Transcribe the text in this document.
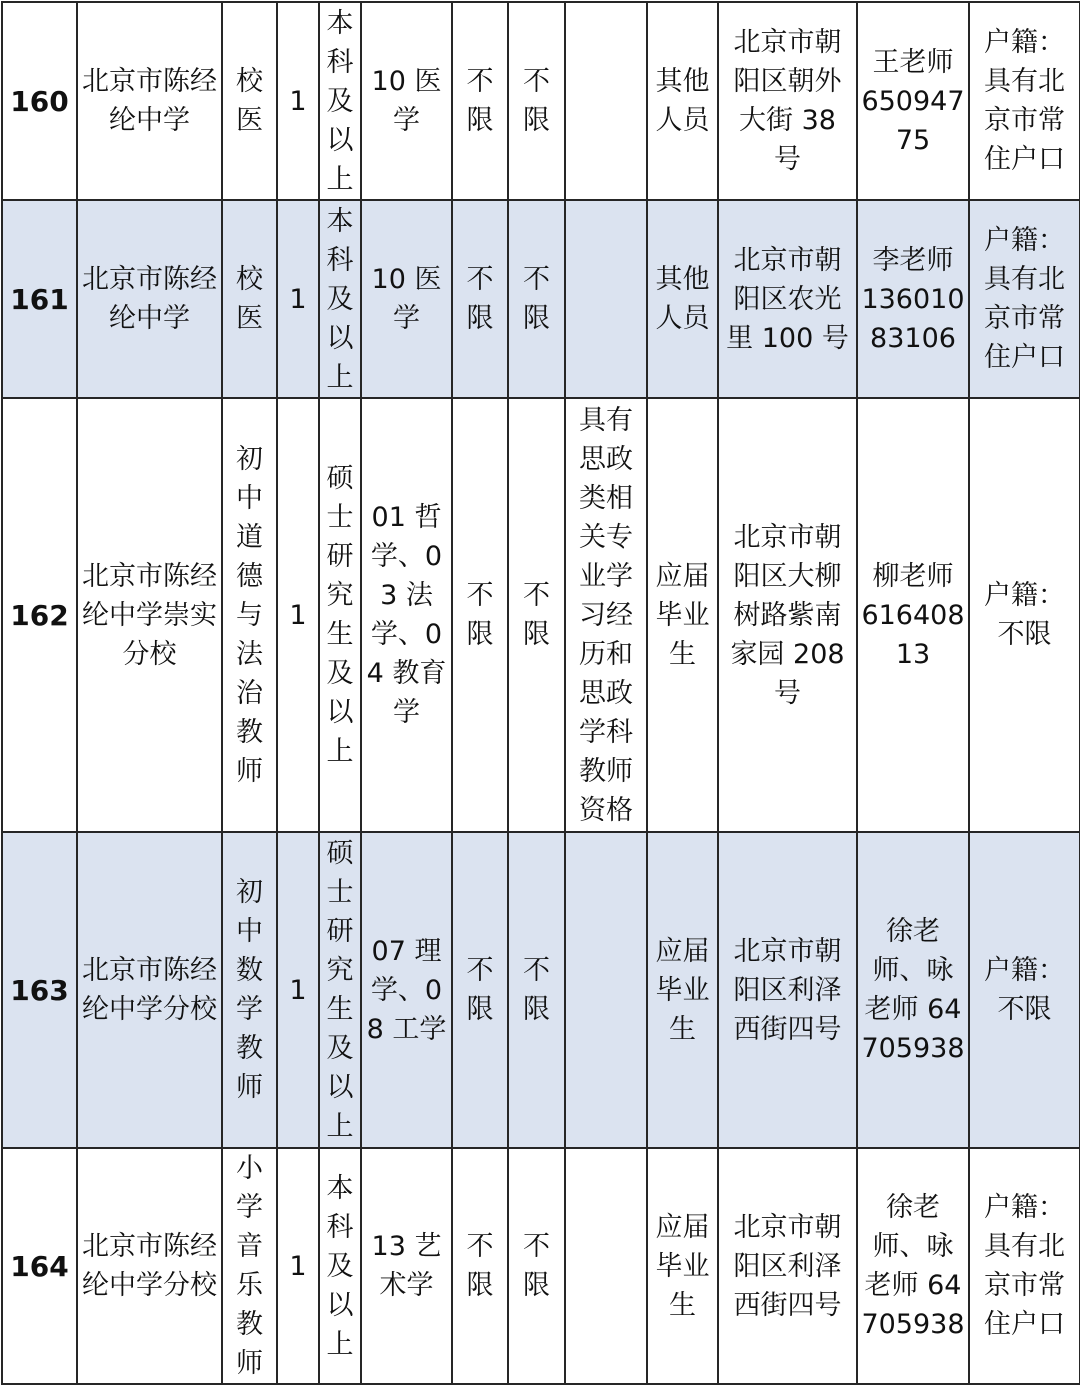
160	北京市陈经纶中学	校医	1	本科及以上	10 医学	不限	不限		其他人员	北京市朝阳区朝外大街 38 号	王老师 65094775	户籍：具有北京市常住户口
161	北京市陈经纶中学	校医	1	本科及以上	10 医学	不限	不限		其他人员	北京市朝阳区农光里 100 号	李老师 13601083106	户籍：具有北京市常住户口
162	北京市陈经纶中学崇实分校	初中道德与法治教师	1	硕士研究生及以上	01 哲学、03 法学、04 教育学	不限	不限	具有思政类相关专业学习经历和思政学科教师资格	应届毕业生	北京市朝阳区大柳树路紫南家园 208 号	柳老师 61640813	户籍：不限
163	北京市陈经纶中学分校	初中数学教师	1	硕士研究生及以上	07 理学、08 工学	不限	不限		应届毕业生	北京市朝阳区利泽西街四号	徐老师、咏老师 64705938	户籍：不限
164	北京市陈经纶中学分校	小学音乐教师	1	本科及以上	13 艺术学	不限	不限		应届毕业生	北京市朝阳区利泽西街四号	徐老师、咏老师 64705938	户籍：具有北京市常住户口
